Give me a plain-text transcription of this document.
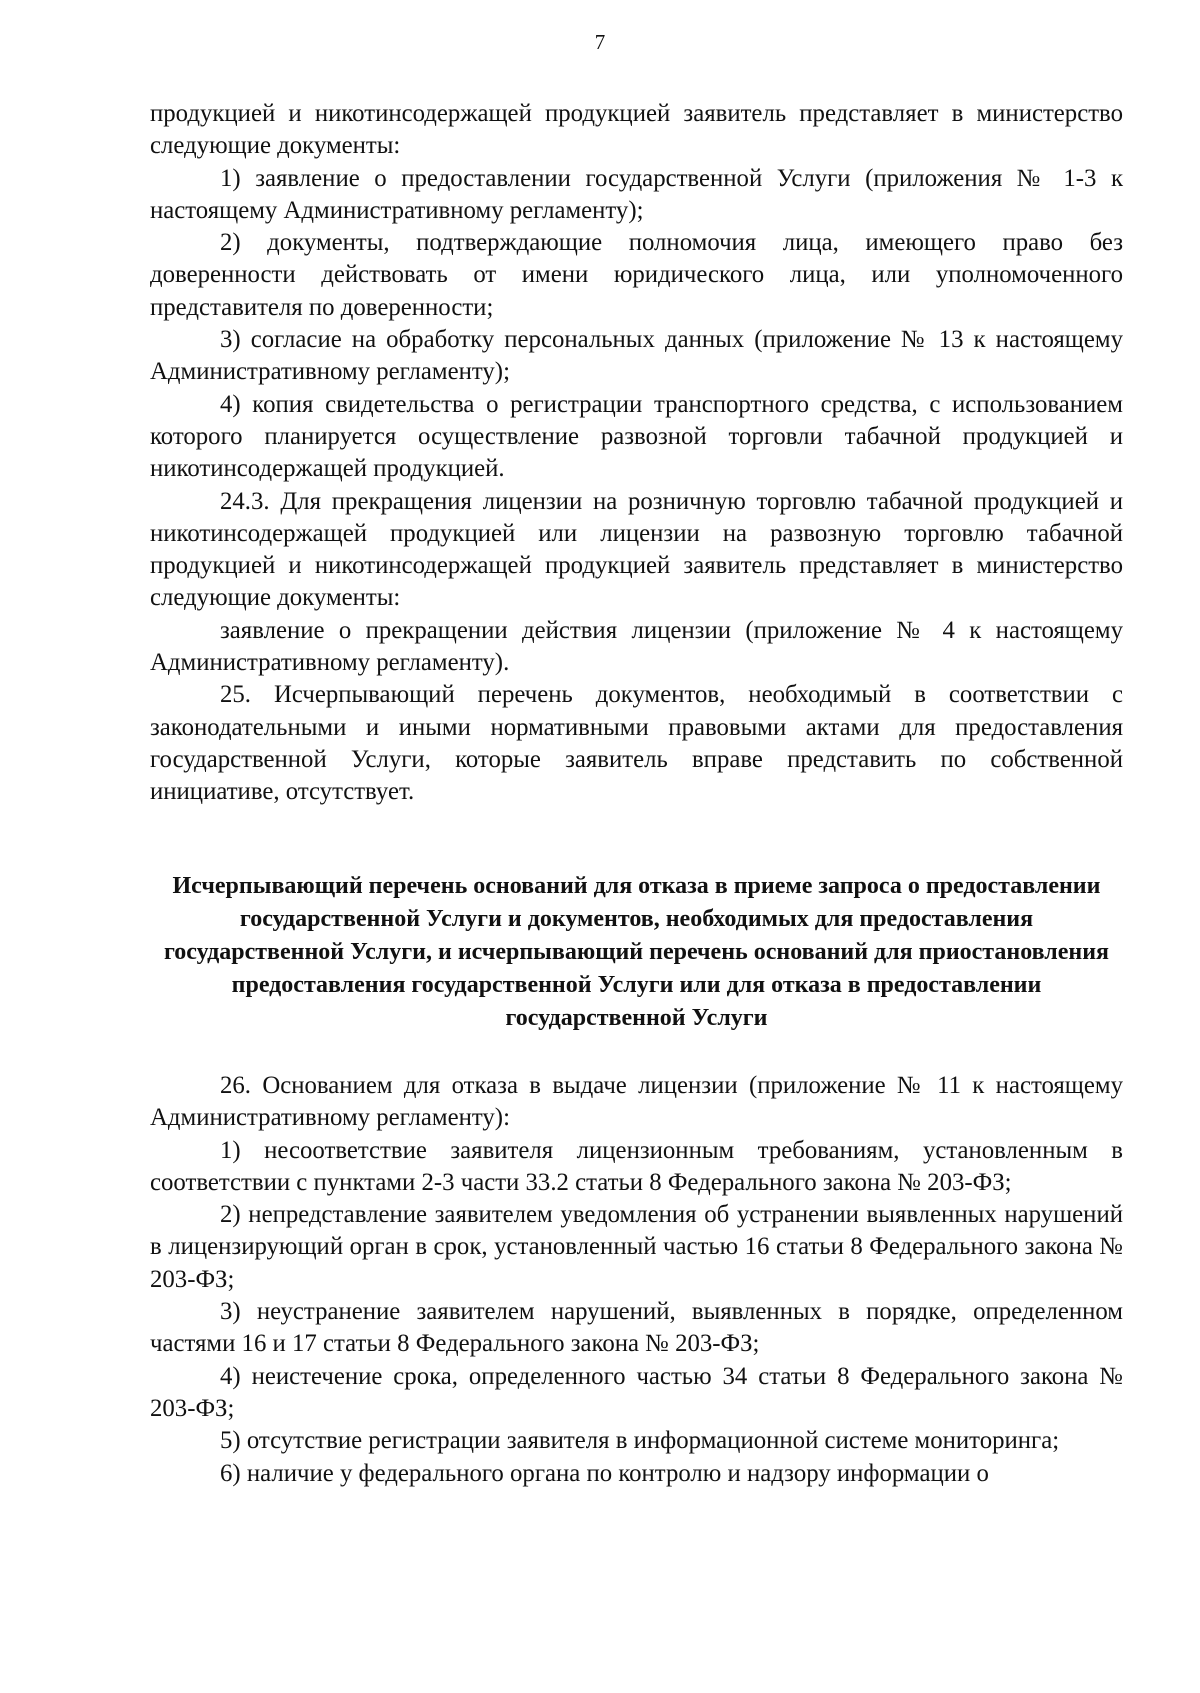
7

продукцией и никотинсодержащей продукцией заявитель представляет в министерство следующие документы:

1) заявление о предоставлении государственной Услуги (приложения № 1-3 к настоящему Административному регламенту);

2) документы, подтверждающие полномочия лица, имеющего право без доверенности действовать от имени юридического лица, или уполномоченного представителя по доверенности;

3) согласие на обработку персональных данных (приложение № 13 к настоящему Административному регламенту);

4) копия свидетельства о регистрации транспортного средства, с использованием которого планируется осуществление развозной торговли табачной продукцией и никотинсодержащей продукцией.

24.3. Для прекращения лицензии на розничную торговлю табачной продукцией и никотинсодержащей продукцией или лицензии на развозную торговлю табачной продукцией и никотинсодержащей продукцией заявитель представляет в министерство следующие документы:

заявление о прекращении действия лицензии (приложение № 4 к настоящему Административному регламенту).

25. Исчерпывающий перечень документов, необходимый в соответствии с законодательными и иными нормативными правовыми актами для предоставления государственной Услуги, которые заявитель вправе представить по собственной инициативе, отсутствует.

Исчерпывающий перечень оснований для отказа в приеме запроса о предоставлении государственной Услуги и документов, необходимых для предоставления государственной Услуги, и исчерпывающий перечень оснований для приостановления предоставления государственной Услуги или для отказа в предоставлении государственной Услуги

26. Основанием для отказа в выдаче лицензии (приложение № 11 к настоящему Административному регламенту):

1) несоответствие заявителя лицензионным требованиям, установленным в соответствии с пунктами 2-3 части 33.2 статьи 8 Федерального закона № 203-ФЗ;

2) непредставление заявителем уведомления об устранении выявленных нарушений в лицензирующий орган в срок, установленный частью 16 статьи 8 Федерального закона № 203-ФЗ;

3) неустранение заявителем нарушений, выявленных в порядке, определенном частями 16 и 17 статьи 8 Федерального закона № 203-ФЗ;

4) неистечение срока, определенного частью 34 статьи 8 Федерального закона № 203-ФЗ;

5) отсутствие регистрации заявителя в информационной системе мониторинга;

6) наличие у федерального органа по контролю и надзору информации о
